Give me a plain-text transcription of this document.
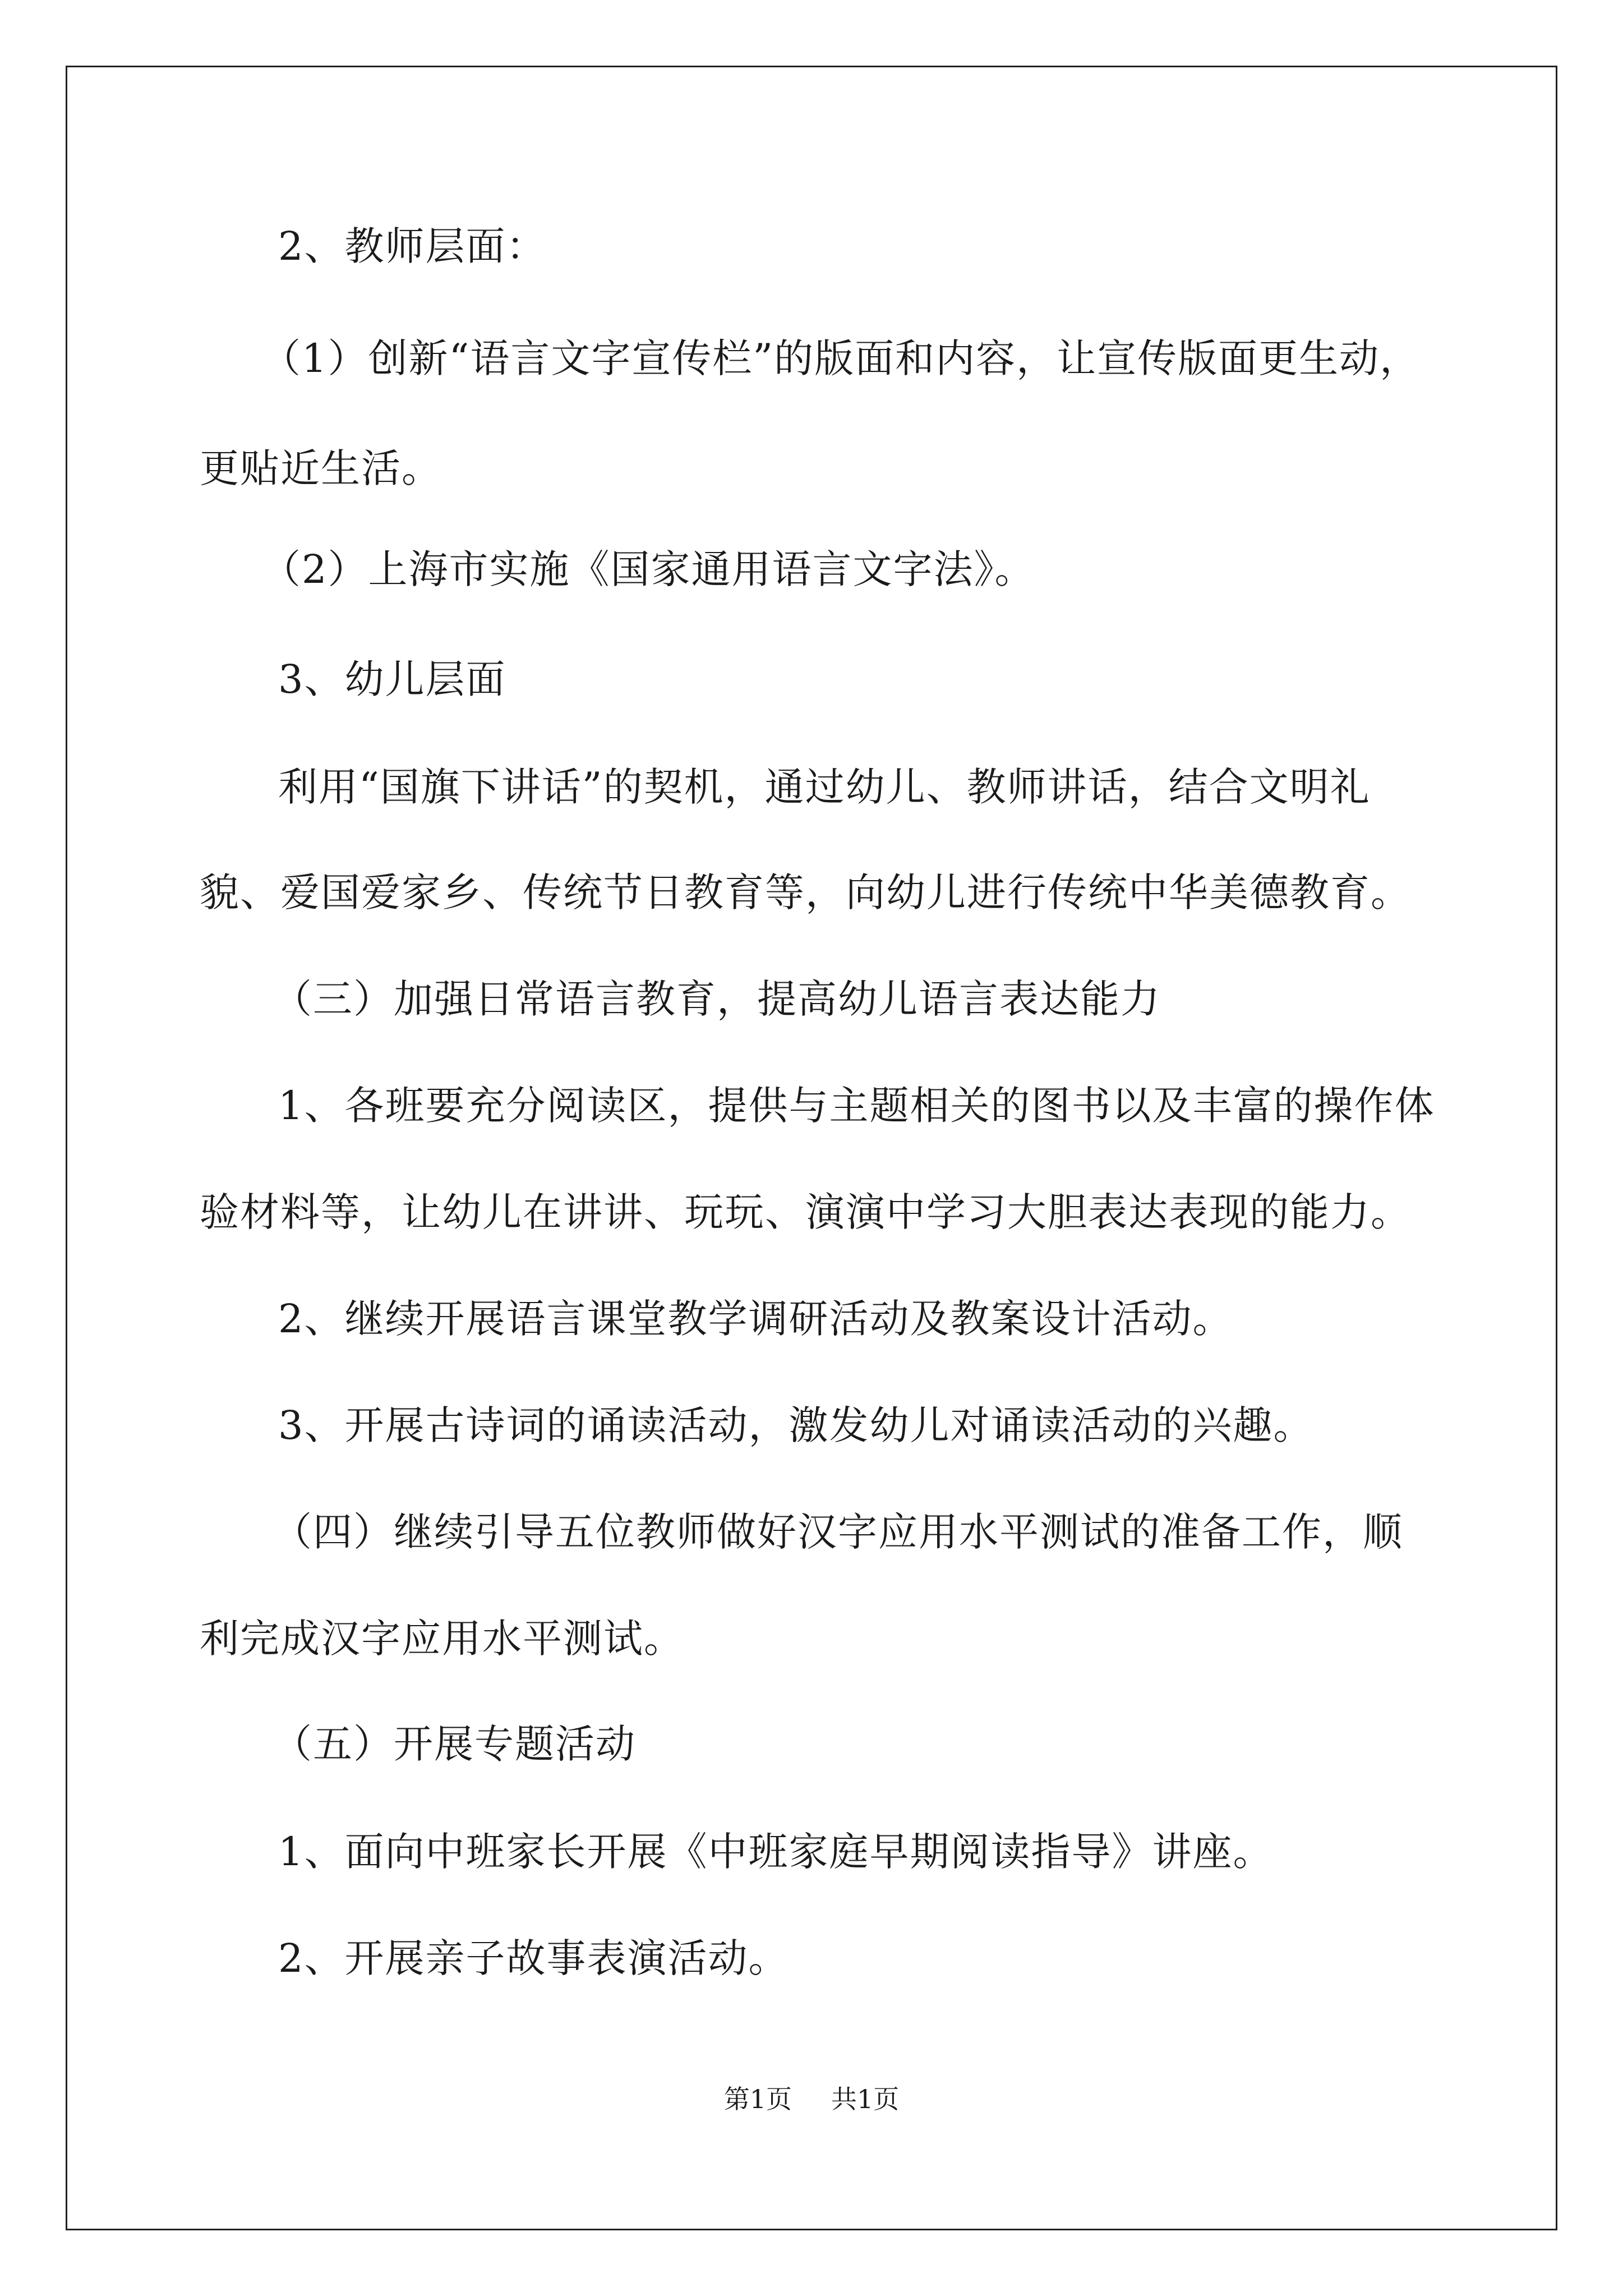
2、教师层面：
（1）创新“语言文字宣传栏”的版面和内容，让宣传版面更生动，
更贴近生活。
（2）上海市实施《国家通用语言文字法》。
3、幼儿层面
利用“国旗下讲话”的契机，通过幼儿、教师讲话，结合文明礼
貌、爱国爱家乡、传统节日教育等，向幼儿进行传统中华美德教育。
（三）加强日常语言教育，提高幼儿语言表达能力
1、各班要充分阅读区，提供与主题相关的图书以及丰富的操作体
验材料等，让幼儿在讲讲、玩玩、演演中学习大胆表达表现的能力。
2、继续开展语言课堂教学调研活动及教案设计活动。
3、开展古诗词的诵读活动，激发幼儿对诵读活动的兴趣。
（四）继续引导五位教师做好汉字应用水平测试的准备工作，顺
利完成汉字应用水平测试。
（五）开展专题活动
1、面向中班家长开展《中班家庭早期阅读指导》讲座。
2、开展亲子故事表演活动。
第1页 共1页
